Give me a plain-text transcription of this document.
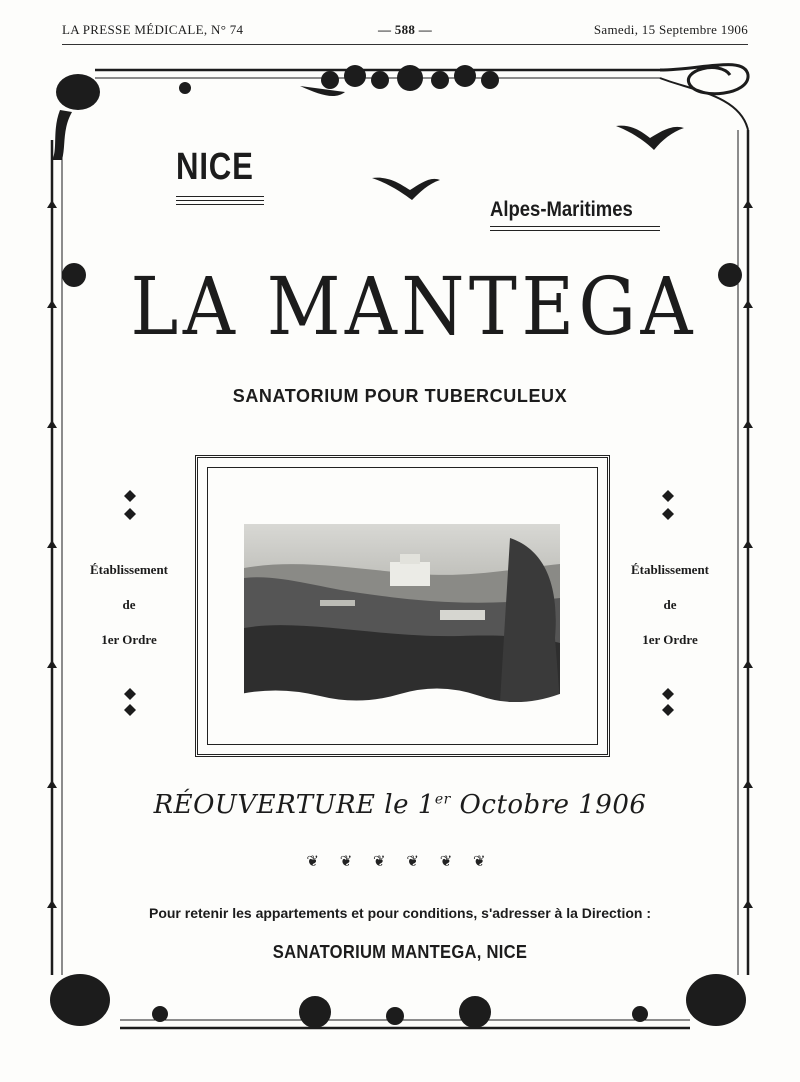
LA PRESSE MÉDICALE, N° 74	— 588 —	Samedi, 15 Septembre 1906
NICE
Alpes-Maritimes
LA MANTEGA
SANATORIUM POUR TUBERCULEUX
Établissement
de
1er Ordre
Établissement
de
1er Ordre
RÉOUVERTURE le 1er Octobre 1906
❦ ❦ ❦ ❦ ❦ ❦
Pour retenir les appartements et pour conditions, s'adresser à la Direction :
SANATORIUM MANTEGA, NICE
